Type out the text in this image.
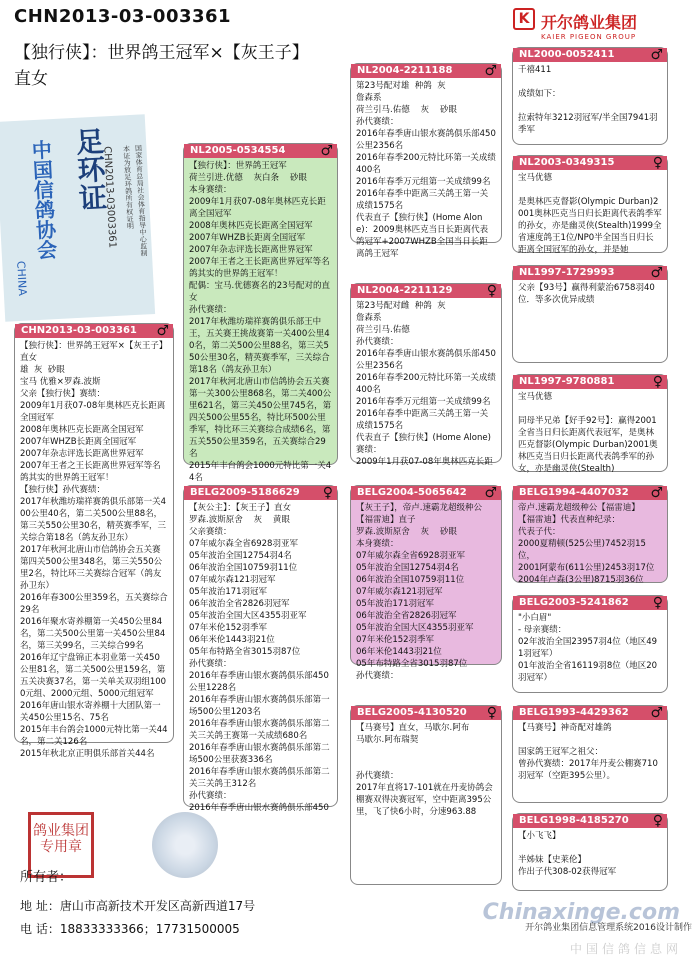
CHN2013-03-003361
【独行侠】：世界鸽王冠军×【灰王子】直女
K 开尔鸽业集团
KAIER PIGEON GROUP
中国信鸽协会 足环证
CHN2013-03003361 本证为放足环鸽所有权证明 国家体育总局社会体育指导中心监制
CHINA
CHN2013-03-003361	♂
【独行侠】：世界鸽王冠军×【灰王子】直女
雄  灰  砂眼
宝马 优雅×罗森.波斯
父亲【独行侠】赛绩：
2009年1月获07-08年奥林匹克长距离全国冠军
2008年奥林匹克长距离全国冠军
2007年WHZB长距离全国冠军
2007年杂志评选长距离世界冠军
2007年王者之王长距离世界冠军等名鸽其实的世界鸽王冠军！
【独行侠】孙代赛绩：
2017年秋潍坊瑞祥赛鸽俱乐部第一关400公里40名，第二关500公里88名，第三关550公里30名，精英赛季军，三关综合第18名（鸽友孙卫东）
2017年秋河北唐山市信鸽协会五关赛第四关500公里348名，第三关550公里2名，特比环三关赛综合冠军（鸽友孙卫东）
2016年春300公里359名，五关赛综合29名
2016年聚水寄养棚第一关450公里84名，第二关500公里第一关450公里84名，第三关99名，三关综合99名
2016年辽宁盘锦正本羽业第一关450公里81名，第二关500公里159名，第五关决赛37名，第一关单关双羽组1000元组、2000元组、5000元组冠军
2016年唐山银水寄养棚十大团队第一关450公里15名、75名
2015年丰台鸽会1000元特比第一关44名，第二关126名
2015年秋北京正明俱乐部首关44名
NL2005-0534554	♂
【独行侠】：世界鸽王冠军
荷兰引进.优德    灰白条    砂眼
本身赛绩：
2009年1月获07-08年奥林匹克长距离全国冠军
2008年奥林匹克长距离全国冠军
2007年WHZB长距离全国冠军
2007年杂志评选长距离世界冠军
2007年王者之王长距离世界冠军等名鸽其实的世界鸽王冠军！
配偶：宝马.优德赛名的23号配对的直女
孙代赛绩：
2017年秋潍坊瑞祥赛鸽俱乐部王中王，五关赛王挑战赛第一关400公里40名，第二关500公里88名，第三关550公里30名，精英赛季军，三关综合第18名（鸽友孙卫东）
2017年秋河北唐山市信鸽协会五关赛第一关300公里868名，第二关400公里621名，第三关450公里745名，第四关500公里55名，特比环500公里季军，特比环三关赛综合成绩6名，第五关550公里359名，五关赛综合29名
2015年丰台鸽会1000元特比第一关44名
BELG2009-5186629	♀
【灰公主】：【灰王子】直女
罗森.波斯原舍    灰    黄眼
父亲赛绩：
07年威尔森全省6928羽亚军
05年波治全国12754羽4名
06年波治全国10759羽11位
07年威尔森121羽冠军
05年波治171羽冠军
06年波治全省2826羽冠军
05年波治全国大区4355羽亚军
07年米伦152羽季军
06年米伦1443羽21位
05年布特路全省3015羽87位
孙代赛绩：
2016年春季唐山银水赛鸽俱乐部450公里1228名
2016年春季唐山银水赛鸽俱乐部第一场500公里1203名
2016年春季唐山银水赛鸽俱乐部第二关三关鸽王赛第一关成绩680名
2016年春季唐山银水赛鸽俱乐部第二场500公里获赛336名
2016年春季唐山银水赛鸽俱乐部第二关三关鸽王312名
孙代赛绩：
2016年春季唐山银水赛鸽俱乐部450
NL2004-2211188	♂
第23号配对雄  种鸽  灰
詹森系
荷兰引马.佑德    灰    砂眼
孙代赛绩：
2016年春季唐山银水赛鸽俱乐部450公里2356名
2016年春季200元特比环第一关成绩400名
2016年春季万元组第一关成绩99名
2016年春季中距离三关鸽王第一关成绩1575名
代表直子【独行侠】(Home Alone)：2009奥林匹克当日长距离代表鸽冠军+2007WHZB全国当日长距离鸽王冠军
NL2004-2211129	♀
第23号配对雌  种鸽  灰
詹森系
荷兰引马.佑德
孙代赛绩：
2016年春季唐山银水赛鸽俱乐部450公里2356名
2016年春季200元特比环第一关成绩400名
2016年春季万元组第一关成绩99名
2016年春季中距离三关鸽王第一关成绩1575名
代表直子【独行侠】(Home Alone)赛绩：
2009年1月获07-08年奥林匹克长距
BELG2004-5065642	♂
【灰王子】，帝卢.速霸龙超级种公【福雷迪】直子
罗森.波斯原舍    灰    砂眼
本身赛绩：
07年威尔森全省6928羽亚军
05年波治全国12754羽4名
06年波治全国10759羽11位
07年威尔森121羽冠军
05年波治171羽冠军
06年波治全省2826羽冠军
05年波治全国大区4355羽亚军
07年米伦152羽季军
06年米伦1443羽21位
05年布特路全省3015羽87位
孙代赛绩：
BELG2005-4130520	♀
【马赛号】直女，马歇尔.阿布
马歇尔.阿布瑞契

孙代赛绩：
2017年直将17-101就在丹麦协鸽会棚赛双得决赛冠军，空中距离395公里，飞了快6小时，分速963.88
NL2000-0052411	♂
千禧411

成绩如下：

拉索特年3212羽冠军/半全国7941羽季军
NL2003-0349315	♀
宝马优德

是奥林匹克督影(Olympic Durban)2001奥林匹克当日归长距离代表鸽季军的孙女，亦是幽灵侠(Stealth)1999全省速度鸽王1位/NP0半全国当日归长距离全国冠军的孙女，并是她
NL1997-1729993	♂
父亲【93号】赢得利蒙治6758羽40位．等多次优异成绩
NL1997-9780881	♀
宝马优德

同母半兄弟【好手92号】：赢得2001全省当日归长距离代表冠军，是奥林匹克督影(Olympic Durban)2001奥林匹克当日归长距离代表鸽季军的孙女，亦是幽灵侠(Stealth)
BELG1994-4407032	♂
帝卢.速霸龙超级种公【福雷迪】
【福雷迪】代表直种纪录：
代表子代：
2000夏精顿(525公里)7452羽15位，
2001阿蒙布(611公里)2453羽17位
2004年卢森(3公里)8715羽36位
BELG2003-5241862	♀
"小白眉"
- 母亲赛绩：
02年波治全国23957羽4位（地区491羽冠军）
01年波治全省16119羽8位（地区20羽冠军）
BELG1993-4429362	♂
【马赛号】神奇配对雄鸽

国家鸽王冠军之祖父：
曾孙代赛绩：2017年丹麦公棚赛710羽冠军（空距395公里）。
BELG1998-4185270	♀
【小飞飞】

半姊妹【史莱伦】
作出子代308-02获得冠军
鸽业集团专用章
所有者：
地 址：唐山市高新技术开发区高新西道17号
电 话：18833333366；17731500005
Chinaxinge.com
开尔鸽业集团信息管理系统2016设计制作
中国信鸽信息网
